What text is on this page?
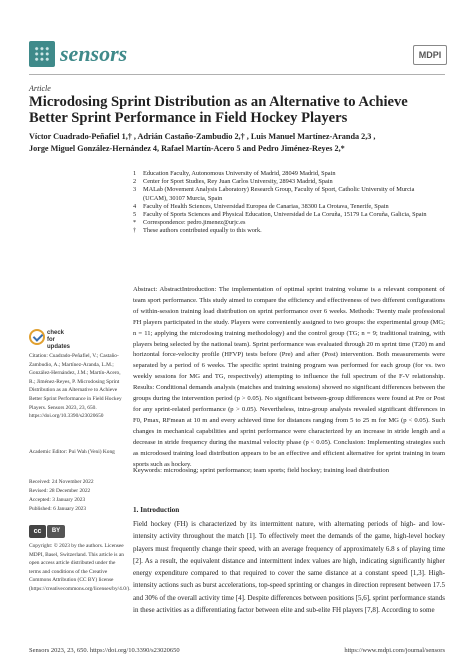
sensors	MDPI
Article
Microdosing Sprint Distribution as an Alternative to Achieve Better Sprint Performance in Field Hockey Players
Víctor Cuadrado-Peñafiel 1,† , Adrián Castaño-Zambudio 2,† , Luis Manuel Martínez-Aranda 2,3 ,
Jorge Miguel González-Hernández 4, Rafael Martín-Acero 5 and Pedro Jiménez-Reyes 2,*
1 Education Faculty, Autonomous University of Madrid, 28049 Madrid, Spain
2 Center for Sport Studies, Rey Juan Carlos University, 28943 Madrid, Spain
3 MALab (Movement Analysis Laboratory) Research Group, Faculty of Sport, Catholic University of Murcia (UCAM), 30107 Murcia, Spain
4 Faculty of Health Sciences, Universidad Europea de Canarias, 38300 La Orotava, Tenerife, Spain
5 Faculty of Sports Sciences and Physical Education, Universidad de La Coruña, 15179 La Coruña, Galicia, Spain
* Correspondence: pedro.jimenez@urjc.es
† These authors contributed equally to this work.
Abstract: AbstractIntroduction: The implementation of optimal sprint training volume is a relevant component of team sport performance. This study aimed to compare the efficiency and effectiveness of two different configurations of within-session training load distribution on sprint performance over 6 weeks. Methods: Twenty male professional FH players participated in the study. Players were conveniently assigned to two groups: the experimental group (MG; n = 11; applying the microdosing training methodology) and the control group (TG; n = 9; traditional training, with players being selected by the national team). Sprint performance was evaluated through 20 m sprint time (T20) m and horizontal force-velocity profile (HFVP) tests before (Pre) and after (Post) intervention. Both measurements were separated by a period of 6 weeks. The specific sprint training program was performed for each group (for vs. two weekly sessions for MG and TG, respectively) attempting to influence the full spectrum of the F-V relationship. Results: Conditional demands analysis (matches and training sessions) showed no significant differences between the groups during the intervention period (p > 0.05). No significant between-group differences were found at Pre or Post for any sprint-related performance (p > 0.05). Nevertheless, intra-group analysis revealed significant differences in F0, Pmax, RFmean at 10 m and every achieved time for distances ranging from 5 to 25 m for MG (p < 0.05). Such changes in mechanical capabilities and sprint performance were characterized by an increase in stride length and a decrease in stride frequency during the maximal velocity phase (p < 0.05). Conclusion: Implementing strategies such as microdosed training load distribution appears to be an effective and efficient alternative for sprint training in team sports such as hockey.
Keywords: microdosing; sprint performance; team sports; field hockey; training load distribution
check for updates
Citation: Cuadrado-Peñafiel, V.; Castaño-Zambudio, A.; Martínez-Aranda, L.M.; González-Hernández, J.M.; Martín-Acero, R.; Jiménez-Reyes, P. Microdosing Sprint Distribution as an Alternative to Achieve Better Sprint Performance in Field Hockey Players. Sensors 2023, 23, 650. https://doi.org/10.3390/s23020650
Academic Editor: Pui Wah (Veni) Kong
Received: 24 November 2022
Revised: 28 December 2022
Accepted: 3 January 2023
Published: 6 January 2023
cc	BY
Copyright: © 2023 by the authors. Licensee MDPI, Basel, Switzerland. This article is an open access article distributed under the terms and conditions of the Creative Commons Attribution (CC BY) license (https://creativecommons.org/licenses/by/4.0/).
1. Introduction
Field hockey (FH) is characterized by its intermittent nature, with alternating periods of high- and low-intensity activity throughout the match [1]. To effectively meet the demands of the game, high-level hockey players must frequently change their speed, with an average frequency of approximately 6.8 s of playing time [2]. As a result, the equivalent distance and intermittent index values are high, indicating significantly higher energy expenditure compared to that required to cover the same distance at a constant speed [1,3]. High-intensity actions such as burst accelerations, top-speed sprinting or changes in direction represent between 17.5 and 30% of the overall activity time [4]. Despite differences between positions [5,6], sprint performance stands in these activities as a differentiating factor between elite and sub-elite FH players [7,8]. According to some
Sensors 2023, 23, 650. https://doi.org/10.3390/s23020650	https://www.mdpi.com/journal/sensors
